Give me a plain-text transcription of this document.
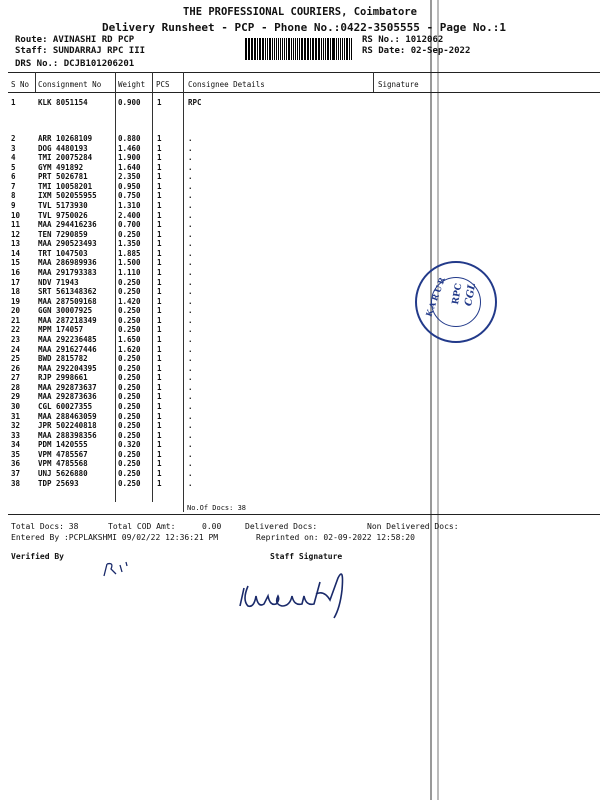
THE PROFESSIONAL COURIERS, Coimbatore
Delivery Runsheet - PCP - Phone No.:0422-3505555 - Page No.:1
Route: AVINASHI RD PCP
Staff: SUNDARRAJ RPC III
DRS No.: DCJB101206201
RS No.: 1012062
RS Date: 02-Sep-2022
S No Consignment No Weight PCS Consignee Details	Signature
1	KLK 8051154	0.900 1	RPC
2	ARR 10268109	0.880 1	.
3	DOG 4480193	1.460 1	.
4	TMI 20075284	1.900 1	.
5	GYM 491892	1.640 1	.
6	PRT 5026781	2.350 1	.
7	TMI 10058201	0.950 1	.
8	IXM 502055955	0.750 1	.
9	TVL 5173930	1.310 1	.
10 TVL 9750026	2.400 1	.
11 MAA 294416236	0.700 1	.
12 TEN 7290859	0.250 1	.
13 MAA 290523493	1.350 1	.
14 TRT 1047503	1.885 1	.
15 MAA 286989936	1.500 1	.
16 MAA 291793383	1.110 1	.
17 NDV 71943	0.250 1	.
18 SRT 561348362	0.250 1	.
19 MAA 287509168	1.420 1	.
20 GGN 30007925	0.250 1	.
21 MAA 287218349	0.250 1	.
22 MPM 174057	0.250 1	.
23 MAA 292236485	1.650 1	.
24 MAA 291627446	1.620 1	.
25 BWD 2815782	0.250 1	.
26 MAA 292204395	0.250 1	.
27 RJP 2998661	0.250 1	.
28 MAA 292873637	0.250 1	.
29 MAA 292873636	0.250 1	.
30 CGL 60027355	0.250 1	.
31 MAA 288463059	0.250 1	.
32 JPR 502240818	0.250 1	.
33 MAA 288398356	0.250 1	.
34 PDM 1420555	0.320 1	.
35 VPM 4785567	0.250 1	.
36 VPM 4785568	0.250 1	.
37 UNJ 5626880	0.250 1	.
38 TDP 25693	0.250 1	.
No.Of Docs: 38
Total Docs: 38	Total COD Amt:	0.00	Delivered Docs:	Non Delivered Docs:
Entered By :PCPLAKSHMI 09/02/22 12:36:21 PM	Reprinted on: 02-09-2022 12:58:20
Verified By	Staff Signature
KARUR RPC
CGL
